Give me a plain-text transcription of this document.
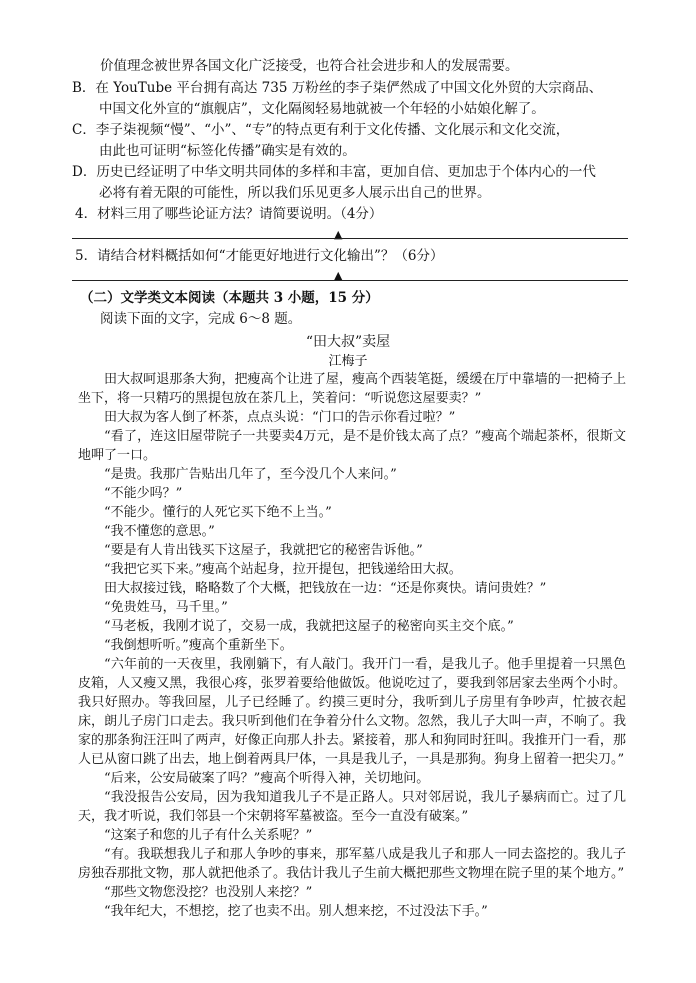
价值理念被世界各国文化广泛接受，也符合社会进步和人的发展需要。
B．在 YouTube 平台拥有高达 735 万粉丝的李子柒俨然成了中国文化外贸的大宗商品、
中国文化外宣的“旗舰店”，文化隔阂轻易地就被一个年轻的小姑娘化解了。
C．李子柒视频“慢”、“小”、“专”的特点更有利于文化传播、文化展示和文化交流，
由此也可证明“标签化传播”确实是有效的。
D．历史已经证明了中华文明共同体的多样和丰富，更加自信、更加忠于个体内心的一代
必将有着无限的可能性，所以我们乐见更多人展示出自己的世界。
4．材料三用了哪些论证方法？请简要说明。（4分）
▲
5．请结合材料概括如何“才能更好地进行文化输出”？（6分）
▲
（二）文学类文本阅读（本题共 3 小题，15 分）
阅读下面的文字，完成 6～8 题。
“田大叔”卖屋
江梅子

田大叔呵退那条大狗，把瘦高个让进了屋，瘦高个西装笔挺，缓缓在厅中靠墙的一把椅子上坐下，将一只精巧的黑提包放在茶几上，笑着问：“听说您这屋要卖？”

田大叔为客人倒了杯茶，点点头说：“门口的告示你看过啦？”

“看了，连这旧屋带院子一共要卖4万元，是不是价钱太高了点？”瘦高个端起茶杯，很斯文地呷了一口。

“是贵。我那广告贴出几年了，至今没几个人来问。”

“不能少吗？”

“不能少。懂行的人死它买下绝不上当。”

“我不懂您的意思。”

“要是有人肯出钱买下这屋子，我就把它的秘密告诉他。”

“我把它买下来。”瘦高个站起身，拉开提包，把钱递给田大叔。

田大叔接过钱，略略数了个大概，把钱放在一边：“还是你爽快。请问贵姓？”

“免贵姓马，马千里。”

“马老板，我刚才说了，交易一成，我就把这屋子的秘密向买主交个底。”

“我倒想听听。”瘦高个重新坐下。

“六年前的一天夜里，我刚躺下，有人敲门。我开门一看，是我儿子。他手里提着一只黑色皮箱，人又瘦又黑，我很心疼，张罗着要给他做饭。他说吃过了，要我到邻居家去坐两个小时。我只好照办。等我回屋，儿子已经睡了。约摸三更时分，我听到儿子房里有争吵声，忙披衣起床，朗儿子房门口走去。我只听到他们在争着分什么文物。忽然，我儿子大叫一声，不响了。我家的那条狗汪汪叫了两声，好像正向那人扑去。紧接着，那人和狗同时狂叫。我推开门一看，那人已从窗口跳了出去，地上倒着两具尸体，一具是我儿子，一具是那狗。狗身上留着一把尖刀。”

“后来，公安局破案了吗？”瘦高个听得入神，关切地问。

“我没报告公安局，因为我知道我儿子不是正路人。只对邻居说，我儿子暴病而亡。过了几天，我才听说，我们邻县一个宋朝将军墓被盗。至今一直没有破案。”

“这案子和您的儿子有什么关系呢？”

“有。我联想我儿子和那人争吵的事来，那军墓八成是我儿子和那人一同去盗挖的。我儿子房独吞那批文物，那人就把他杀了。我估计我儿子生前大概把那些文物埋在院子里的某个地方。”

“那些文物您没挖？也没别人来挖？”

“我年纪大，不想挖，挖了也卖不出。别人想来挖，不过没法下手。”
